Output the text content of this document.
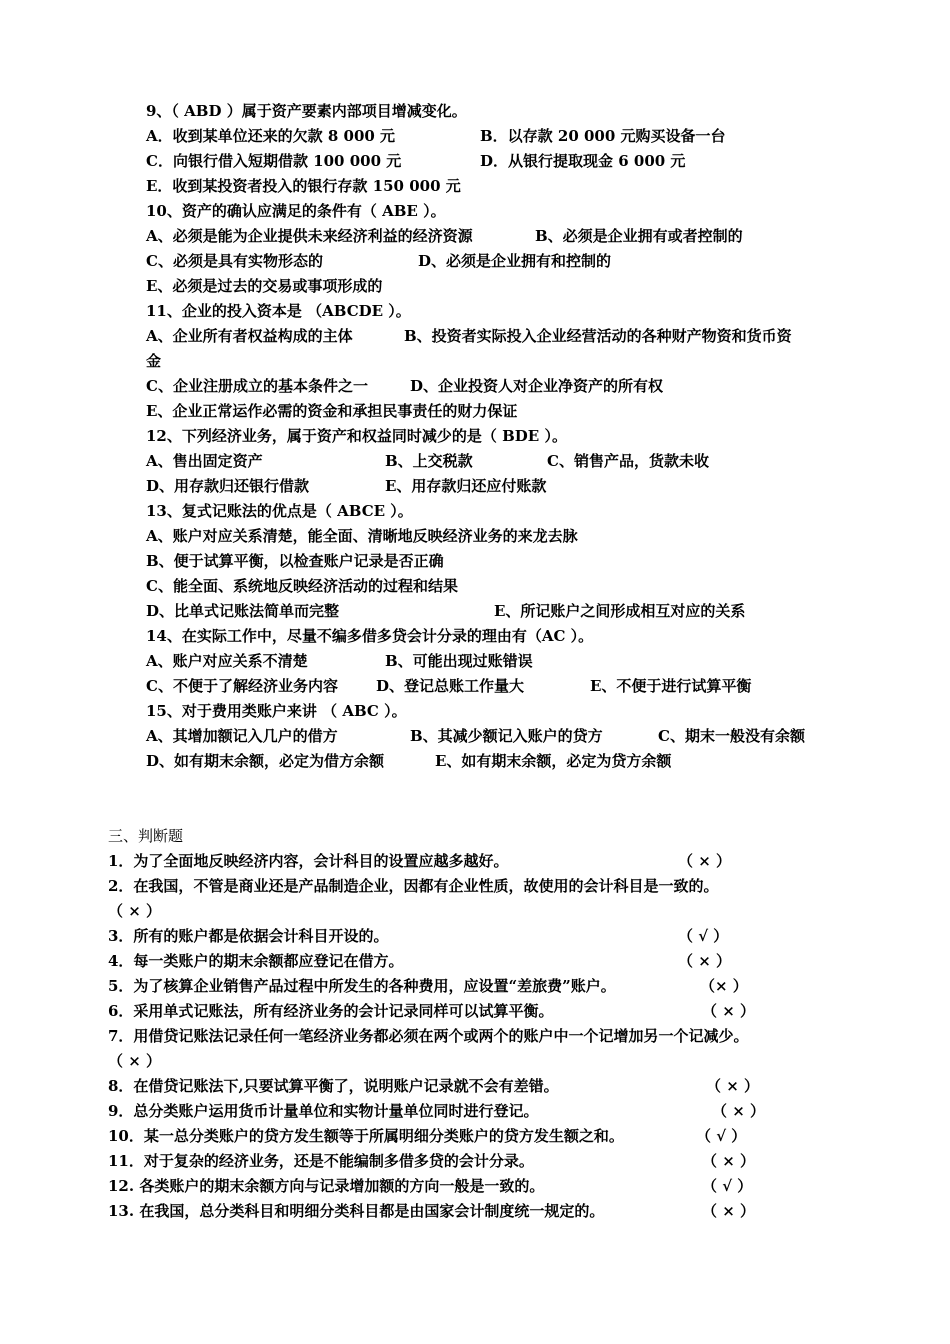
9、（ ABD ）属于资产要素内部项目增减变化。
A．收到某单位还来的欠款 8 000 元	B．以存款 20 000 元购买设备一台
C．向银行借入短期借款 100 000 元	D．从银行提取现金 6 000 元
E．收到某投资者投入的银行存款 150 000 元
10、资产的确认应满足的条件有（ ABE ）。
A、必须是能为企业提供未来经济利益的经济资源	B、必须是企业拥有或者控制的
C、必须是具有实物形态的	D、必须是企业拥有和控制的
E、必须是过去的交易或事项形成的
11、企业的投入资本是 （ABCDE ）。
A、企业所有者权益构成的主体	B、投资者实际投入企业经营活动的各种财产物资和货币资
金
C、企业注册成立的基本条件之一	D、企业投资人对企业净资产的所有权
E、企业正常运作必需的资金和承担民事责任的财力保证
12、下列经济业务，属于资产和权益同时减少的是（ BDE ）。
A、售出固定资产	B、上交税款	C、销售产品，货款未收
D、用存款归还银行借款	E、用存款归还应付账款
13、复式记账法的优点是（ ABCE ）。
A、账户对应关系清楚，能全面、清晰地反映经济业务的来龙去脉
B、便于试算平衡，以检查账户记录是否正确
C、能全面、系统地反映经济活动的过程和结果
D、比单式记账法简单而完整	E、所记账户之间形成相互对应的关系
14、在实际工作中，尽量不编多借多贷会计分录的理由有（AC ）。
A、账户对应关系不清楚	B、可能出现过账错误
C、不便于了解经济业务内容	D、登记总账工作量大	E、不便于进行试算平衡
15、对于费用类账户来讲 （ ABC ）。
A、其增加额记入几户的借方	B、其减少额记入账户的贷方	C、期末一般没有余额
D、如有期末余额，必定为借方余额	E、如有期末余额，必定为贷方余额
三、判断题
1．为了全面地反映经济内容，会计科目的设置应越多越好。	（ × ）
2．在我国，不管是商业还是产品制造企业，因都有企业性质，故使用的会计科目是一致的。
（ × ）
3．所有的账户都是依据会计科目开设的。	（ √ ）
4．每一类账户的期末余额都应登记在借方。	（ × ）
5．为了核算企业销售产品过程中所发生的各种费用，应设置“差旅费”账户。	（× ）
6．采用单式记账法，所有经济业务的会计记录同样可以试算平衡。	（ × ）
7．用借贷记账法记录任何一笔经济业务都必须在两个或两个的账户中一个记增加另一个记减少。
（ × ）
8．在借贷记账法下,只要试算平衡了，说明账户记录就不会有差错。	（ × ）
9．总分类账户运用货币计量单位和实物计量单位同时进行登记。	（ × ）
10．某一总分类账户的贷方发生额等于所属明细分类账户的贷方发生额之和。	（ √ ）
11．对于复杂的经济业务，还是不能编制多借多贷的会计分录。	（ × ）
12. 各类账户的期末余额方向与记录增加额的方向一般是一致的。	（ √ ）
13. 在我国，总分类科目和明细分类科目都是由国家会计制度统一规定的。	（ × ）
